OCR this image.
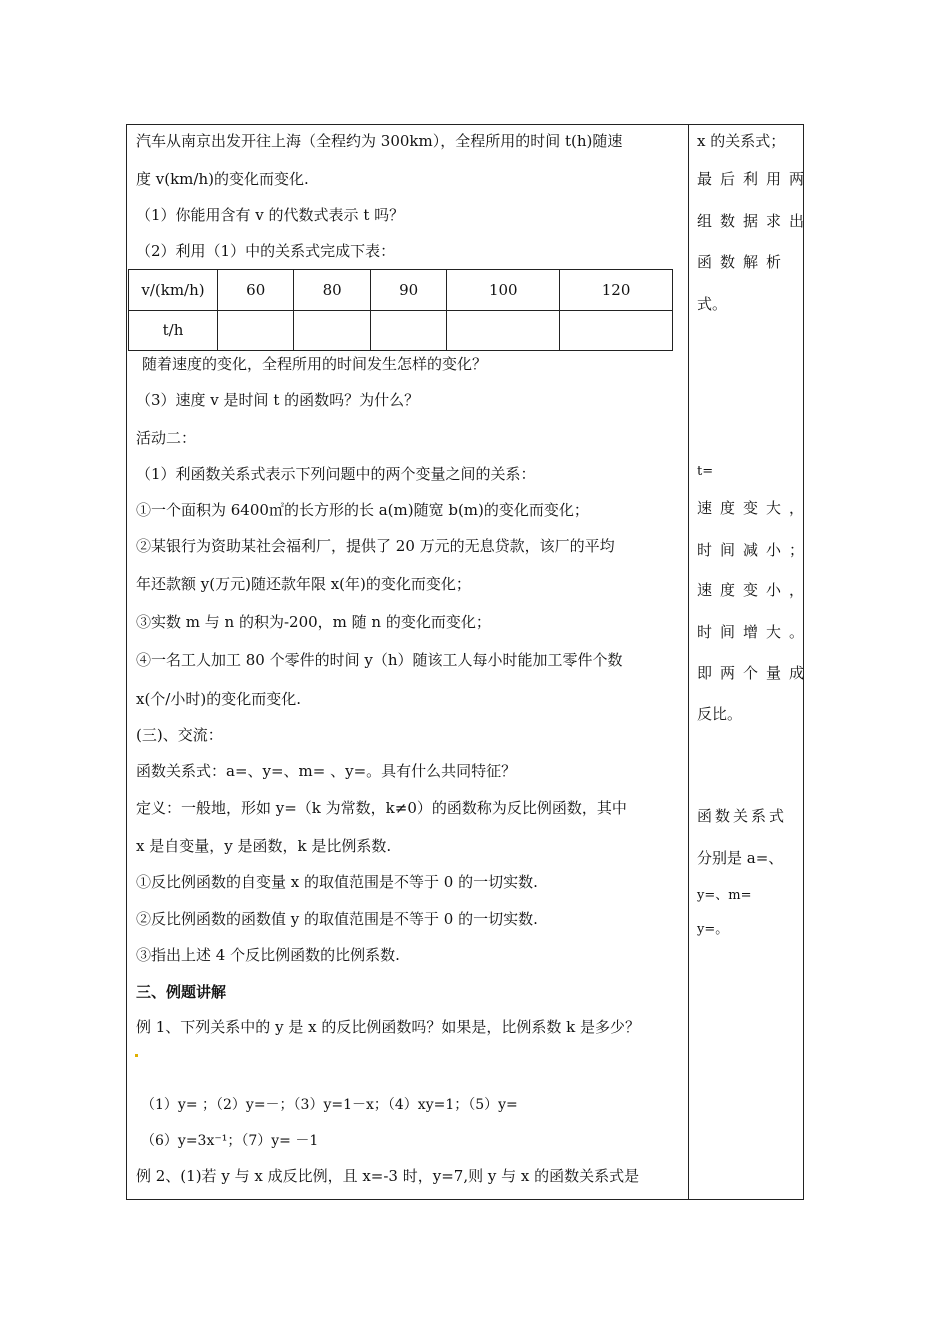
汽车从南京出发开往上海（全程约为 300km），全程所用的时间 t(h)随速
度 v(km/h)的变化而变化.
（1）你能用含有 v 的代数式表示 t 吗？
（2）利用（1）中的关系式完成下表：
v/(km/h)	60	80	90	100	120
t/h					
随着速度的变化，全程所用的时间发生怎样的变化？
（3）速度 v 是时间 t 的函数吗？为什么？
活动二：
（1）利函数关系式表示下列问题中的两个变量之间的关系：
①一个面积为 6400㎡的长方形的长 a(m)随宽 b(m)的变化而变化；
②某银行为资助某社会福利厂，提供了 20 万元的无息贷款，该厂的平均
年还款额 y(万元)随还款年限 x(年)的变化而变化；
③实数 m 与 n 的积为-200，m 随 n 的变化而变化；
④一名工人加工 80 个零件的时间 y（h）随该工人每小时能加工零件个数
x(个/小时)的变化而变化.
(三)、交流：
函数关系式：a=、y=、m= 、y=。具有什么共同特征？
定义：一般地，形如 y=（k 为常数，k≠0）的函数称为反比例函数，其中
x 是自变量，y 是函数，k 是比例系数.
①反比例函数的自变量 x 的取值范围是不等于 0 的一切实数.
②反比例函数的函数值 y 的取值范围是不等于 0 的一切实数.
③指出上述 4 个反比例函数的比例系数.
三、例题讲解
例 1、下列关系中的 y 是 x 的反比例函数吗？如果是，比例系数 k 是多少？
（1）y= ；（2）y=－；（3）y=1－x；（4）xy=1；（5）y=
（6）y=3x⁻¹；（7）y= －1
例 2、(1)若 y 与 x 成反比例，且 x=-3 时，y=7,则 y 与 x 的函数关系式是
x 的关系式；
最后利用两
组数据求出
函数解析
式。
t=
速度变大，
时间减小；
速度变小，
时间增大。
即两个量成
反比。
函数关系式
分别是 a=、
y=、m=
y=。
